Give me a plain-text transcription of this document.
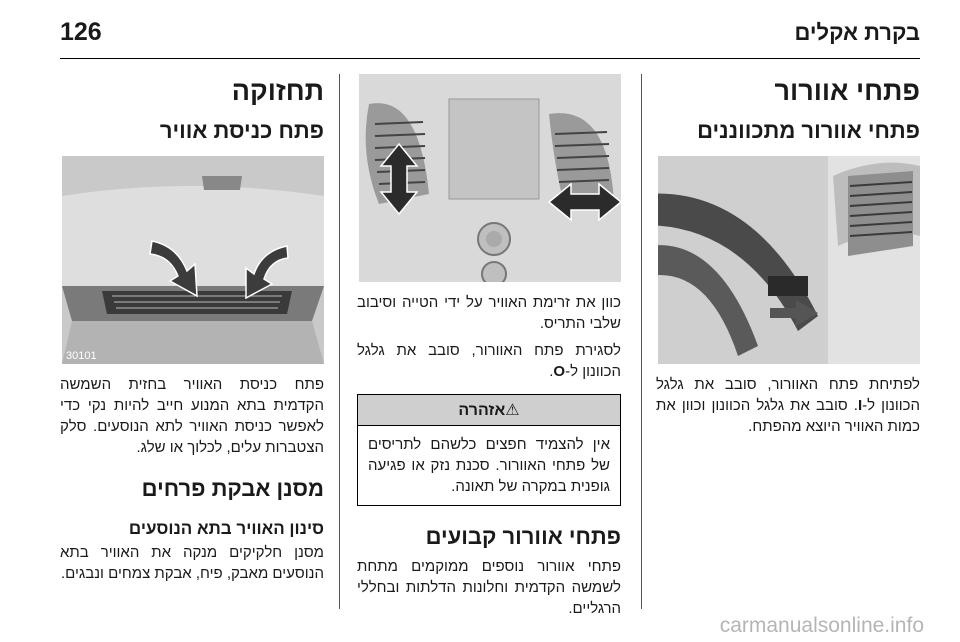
126	בקרת אקלים
פתחי אוורור
פתחי אוורור מתכווננים

לפתיחת פתח האוורור, סובב את גלגל הכוונון ל-I. סובב את גלגל הכוונון וכוון את כמות האוויר היוצא מהפתח.

כוון את זרימת האוויר על ידי הטייה וסיבוב שלבי התריס.

לסגירת פתח האוורור, סובב את גלגל הכוונון ל-O.

⚠אזהרה
אין להצמיד חפצים כלשהם לתריסים של פתחי האוורור. סכנת נזק או פגיעה גופנית במקרה של תאונה.
פתחי אוורור קבועים

פתחי אוורור נוספים ממוקמים מתחת לשמשה הקדמית וחלונות הדלתות ובחללי הרגליים.

תחזוקה
פתח כניסת אוויר
30101

פתח כניסת האוויר בחזית השמשה הקדמית בתא המנוע חייב להיות נקי כדי לאפשר כניסת האוויר לתא הנוסעים. סלק הצטברות עלים, לכלוך או שלג.

מסנן אבקת פרחים
סינון האוויר בתא הנוסעים

מסנן חלקיקים מנקה את האוויר בתא הנוסעים מאבק, פיח, אבקת צמחים ונבגים.

carmanualsonline.info
